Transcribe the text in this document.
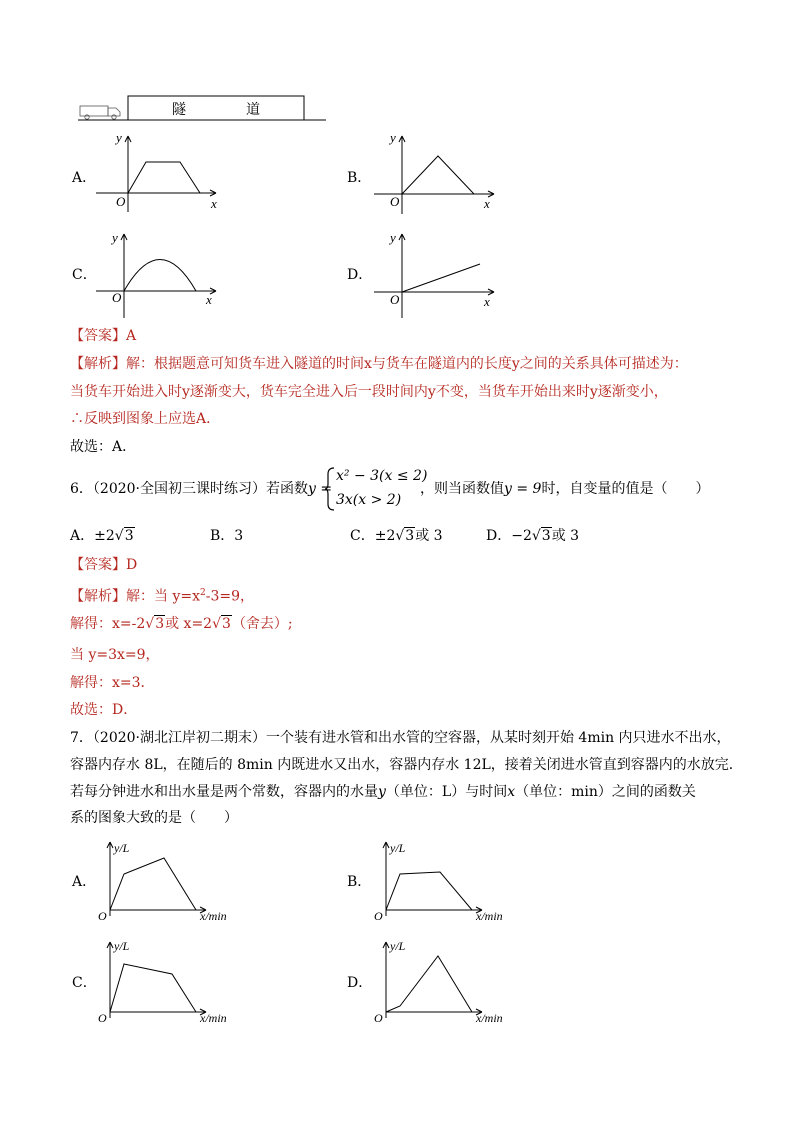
隧	道
A．
y
x
O
B．
y
x
O
C．
y
x
O
D．
y
x
O
【答案】A
【解析】解：根据题意可知货车进入隧道的时间x与货车在隧道内的长度y之间的关系具体可描述为：
当货车开始进入时y逐渐变大，货车完全进入后一段时间内y不变，当货车开始出来时y逐渐变小，
∴反映到图象上应选A．
故选：A．
6．（2020·全国初三课时练习）若函数y =
x² − 3(x ≤ 2)
3x(x > 2)
，则当函数值y = 9时，自变量的值是（　　）
A．±2√3	B．3	C．±2√3或 3	D．−2√3或 3
【答案】D
【解析】解：当 $y=x^2-3=9$，
解得：x=-2√3或 x=2√3（舍去）;
当 y=3x=9，
解得：x=3．
故选：D．
7．（2020·湖北江岸初二期末）一个装有进水管和出水管的空容器，从某时刻开始 4min 内只进水不出水，
容器内存水 8L，在随后的 8min 内既进水又出水，容器内存水 12L，接着关闭进水管直到容器内的水放完．
若每分钟进水和出水量是两个常数，容器内的水量y（单位：L）与时间x（单位：min）之间的函数关
系的图象大致的是（　　）
A．
y/L
x/min
O
B．
y/L
x/min
O
C．
y/L
x/min
O
D．
y/L
x/min
O
